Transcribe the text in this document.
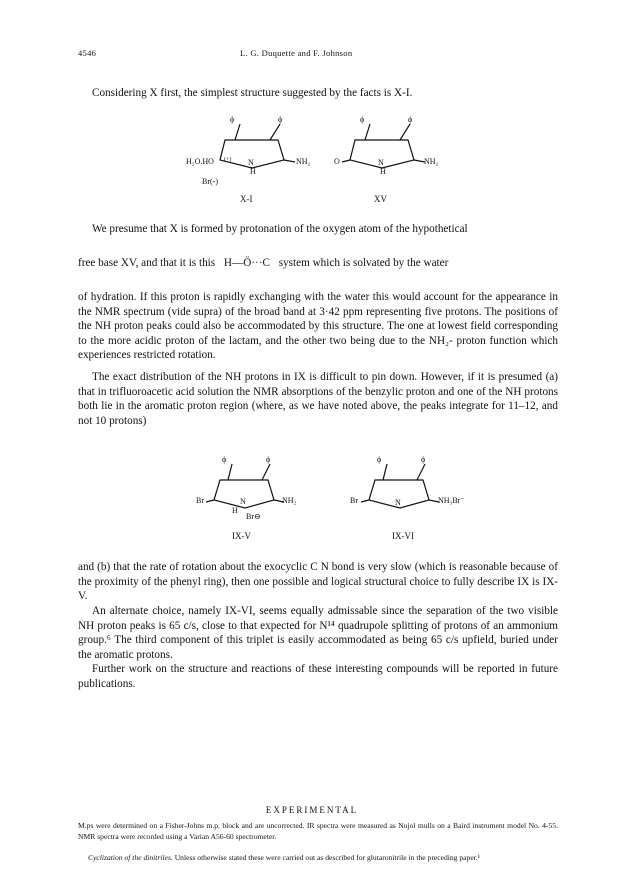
4546	L. G. Duquette and F. Johnson

Considering X first, the simplest structure suggested by the facts is X-I.

ϕ	ϕ
H₂O.HO (+) N
H
NH₂
Br(-)
X-I
ϕ	ϕ
O	N
H
NH₂
XV

We presume that X is formed by protonation of the oxygen atom of the hypothetical

free base XV, and that it is this H—Ö···C system which is solvated by the water

of hydration. If this proton is rapidly exchanging with the water this would account for the appearance in the NMR spectrum (vide supra) of the broad band at 3·42 ppm representing five protons. The positions of the NH proton peaks could also be accommodated by this structure. The one at lowest field corresponding to the more acidic proton of the lactam, and the other two being due to the NH₂- proton function which experiences restricted rotation.

The exact distribution of the NH protons in IX is difficult to pin down. However, if it is presumed (a) that in trifluoroacetic acid solution the NMR absorptions of the benzylic proton and one of the NH protons both lie in the aromatic proton region (where, as we have noted above, the peaks integrate for 11–12, and not 10 protons)

ϕ	ϕ
Br	N
H
NH₂
Br⊖
IX-V
ϕ	ϕ
Br	N	NH₃Br⁻
IX-VI

and (b) that the rate of rotation about the exocyclic C N bond is very slow (which is reasonable because of the proximity of the phenyl ring), then one possible and logical structural choice to fully describe IX is IX-V.

An alternate choice, namely IX-VI, seems equally admissable since the separation of the two visible NH proton peaks is 65 c/s, close to that expected for N¹⁴ quadrupole splitting of protons of an ammonium group.⁶ The third component of this triplet is easily accommodated as being 65 c/s upfield, buried under the aromatic protons.

Further work on the structure and reactions of these interesting compounds will be reported in future publications.

EXPERIMENTAL

M.ps were determined on a Fisher-Johns m.p. block and are uncorrected. IR spectra were measured as Nujol mulls on a Baird instrument model No. 4-55. NMR spectra were recorded using a Varian A56-60 spectrometer.

Cyclization of the dinitriles. Unless otherwise stated these were carried out as described for glutaronitrile in the preceding paper.¹
